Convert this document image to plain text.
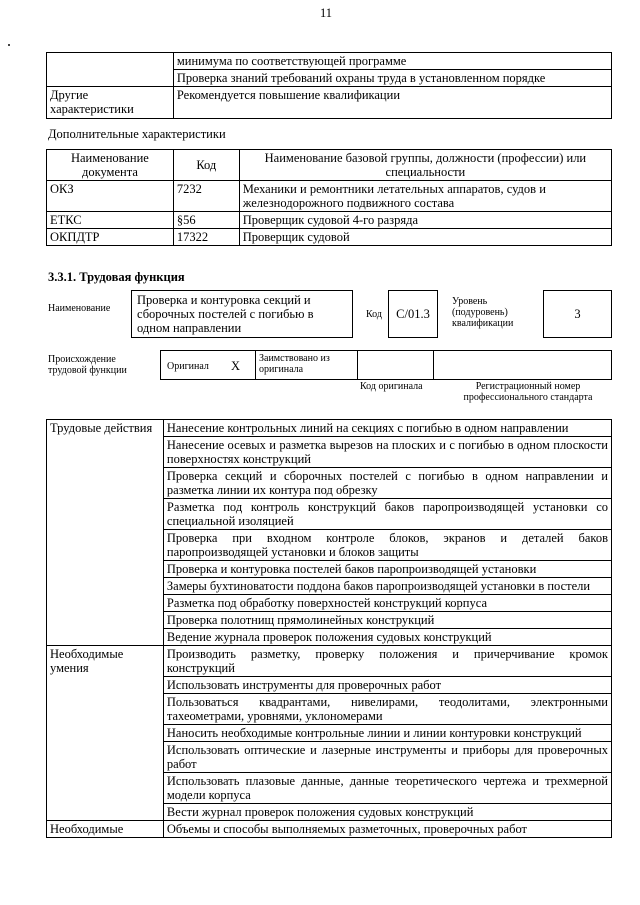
11
	минимума по соответствующей программе
	Проверка знаний требований охраны труда в установленном порядке
Другие характеристики	Рекомендуется повышение квалификации
Дополнительные характеристики
Наименование документа	Код	Наименование базовой группы, должности (профессии) или специальности
ОКЗ	7232	Механики и ремонтники летательных аппаратов, судов и железнодорожного подвижного состава
ЕТКС	§56	Проверщик судовой 4-го разряда
ОКПДТР	17322	Проверщик судовой
3.3.1. Трудовая функция
Наименование
Проверка и контуровка секций и сборочных постелей с погибью в одном направлении
Код	C/01.3
Уровень (подуровень) квалификации
3
Происхождение трудовой функции	Оригинал X
Заимствовано из оригинала
Код оригинала	Регистрационный номер профессионального стандарта
Трудовые действия	Нанесение контрольных линий на секциях с погибью в одном направлении
	Нанесение осевых и разметка вырезов на плоских и с погибью в одном плоскости поверхностях конструкций
	Проверка секций и сборочных постелей с погибью в одном направлении и разметка линии их контура под обрезку
	Разметка под контроль конструкций баков паропроизводящей установки со специальной изоляцией
	Проверка при входном контроле блоков, экранов и деталей баков паропроизводящей установки и блоков защиты
	Проверка и контуровка постелей баков паропроизводящей установки
	Замеры бухтиноватости поддона баков паропроизводящей установки в постели
	Разметка под обработку поверхностей конструкций корпуса
	Проверка полотнищ прямолинейных конструкций
	Ведение журнала проверок положения судовых конструкций
Необходимые умения	Производить разметку, проверку положения и причерчивание кромок конструкций
	Использовать инструменты для проверочных работ
	Пользоваться квадрантами, нивелирами, теодолитами, электронными тахеометрами, уровнями, уклономерами
	Наносить необходимые контрольные линии и линии контуровки конструкций
	Использовать оптические и лазерные инструменты и приборы для проверочных работ
	Использовать плазовые данные, данные теоретического чертежа и трехмерной модели корпуса
	Вести журнал проверок положения судовых конструкций
Необходимые	Объемы и способы выполняемых разметочных, проверочных работ
